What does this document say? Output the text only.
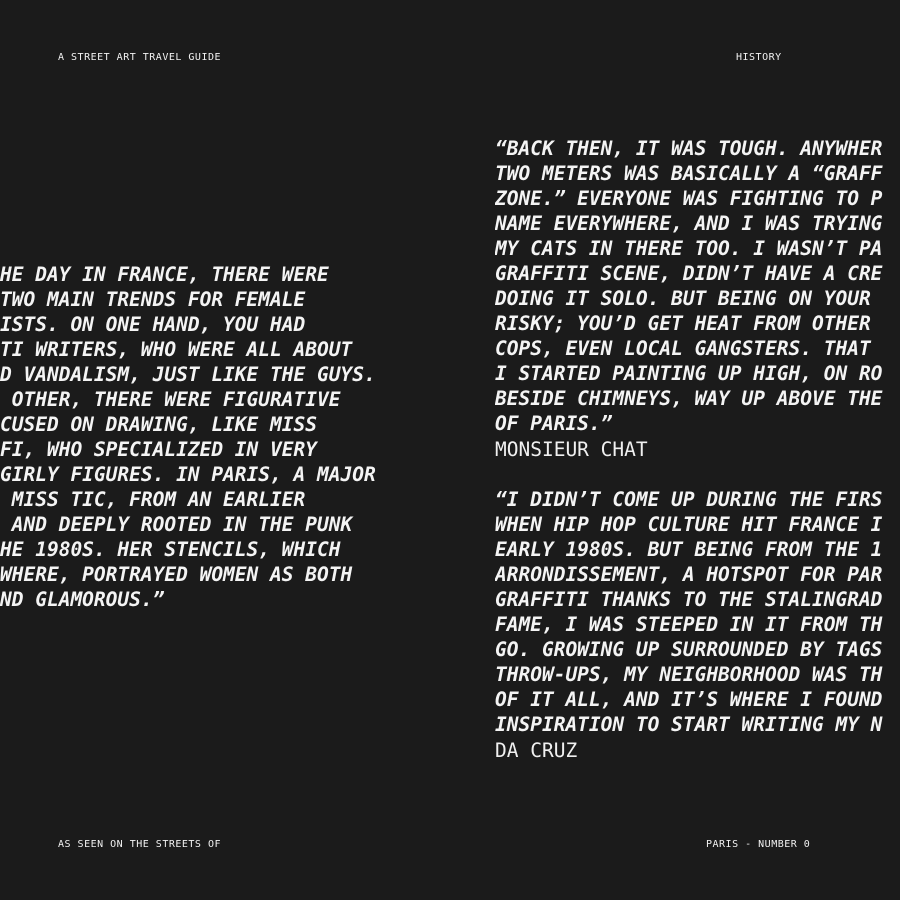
A STREET ART TRAVEL GUIDE	HISTORY
HE DAY IN FRANCE, THERE WERE
TWO MAIN TRENDS FOR FEMALE
ISTS. ON ONE HAND, YOU HAD
TI WRITERS, WHO WERE ALL ABOUT
D VANDALISM, JUST LIKE THE GUYS.
OTHER, THERE WERE FIGURATIVE
CUSED ON DRAWING, LIKE MISS
FI, WHO SPECIALIZED IN VERY
GIRLY FIGURES. IN PARIS, A MAJOR
MISS TIC, FROM AN EARLIER
AND DEEPLY ROOTED IN THE PUNK
HE 1980S. HER STENCILS, WHICH
WHERE, PORTRAYED WOMEN AS BOTH
ND GLAMOROUS.”
“BACK THEN, IT WAS TOUGH. ANYWHER
TWO METERS WAS BASICALLY A “GRAFF
ZONE.” EVERYONE WAS FIGHTING TO P
NAME EVERYWHERE, AND I WAS TRYING
MY CATS IN THERE TOO. I WASN’T PA
GRAFFITI SCENE, DIDN’T HAVE A CRE
DOING IT SOLO. BUT BEING ON YOUR
RISKY; YOU’D GET HEAT FROM OTHER
COPS, EVEN LOCAL GANGSTERS. THAT
I STARTED PAINTING UP HIGH, ON RO
BESIDE CHIMNEYS, WAY UP ABOVE THE
OF PARIS.”
MONSIEUR CHAT
“I DIDN’T COME UP DURING THE FIRS
WHEN HIP HOP CULTURE HIT FRANCE I
EARLY 1980S. BUT BEING FROM THE 1
ARRONDISSEMENT, A HOTSPOT FOR PAR
GRAFFITI THANKS TO THE STALINGRAD
FAME, I WAS STEEPED IN IT FROM TH
GO. GROWING UP SURROUNDED BY TAGS
THROW-UPS, MY NEIGHBORHOOD WAS TH
OF IT ALL, AND IT’S WHERE I FOUND
INSPIRATION TO START WRITING MY N
DA CRUZ
AS SEEN ON THE STREETS OF	PARIS - NUMBER 0
